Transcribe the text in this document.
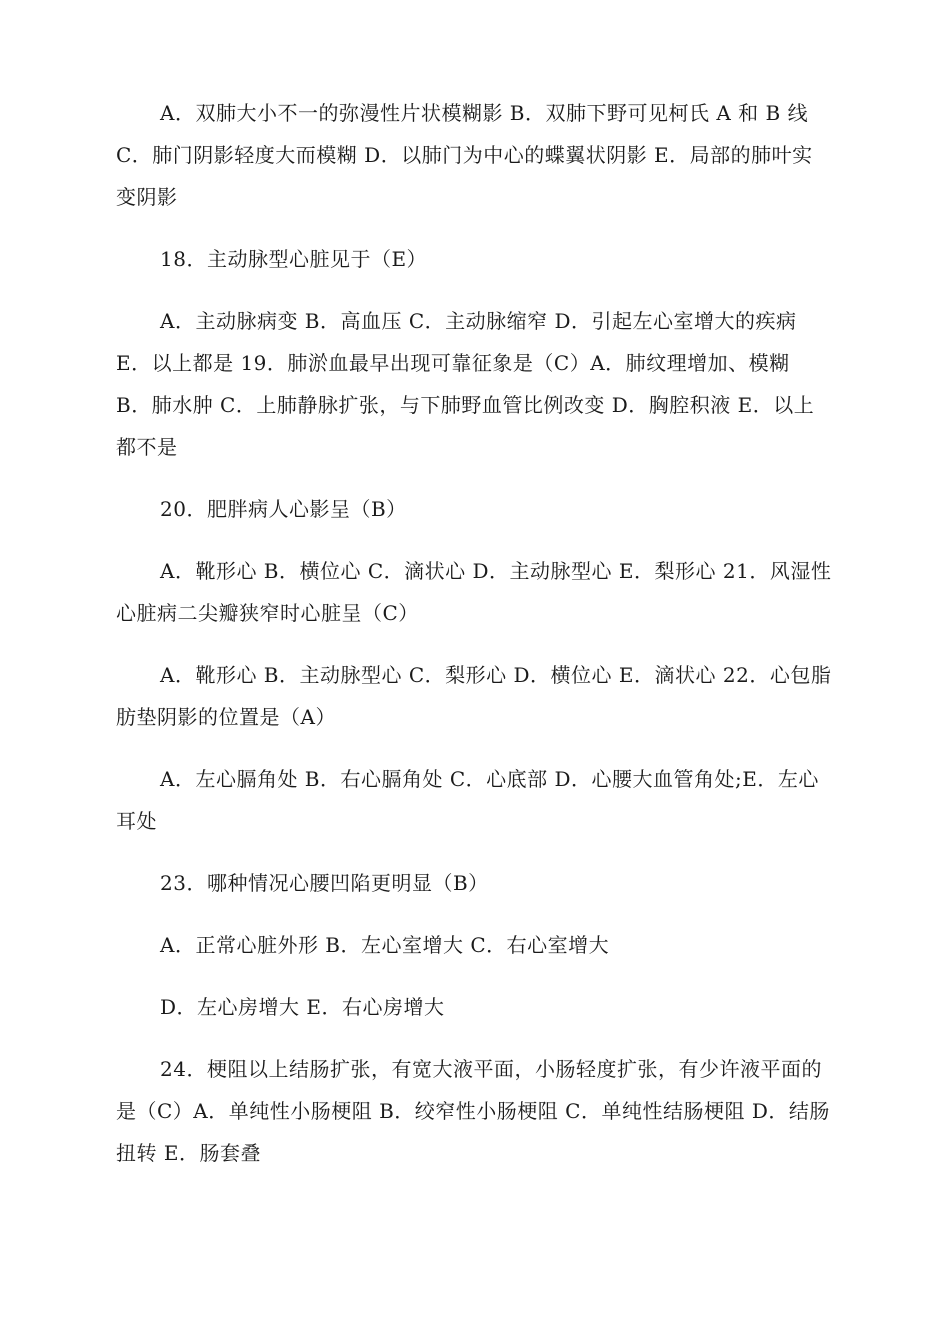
A．双肺大小不一的弥漫性片状模糊影 B．双肺下野可见柯氏 A 和 B 线 C．肺门阴影轻度大而模糊 D．以肺门为中心的蝶翼状阴影 E．局部的肺叶实变阴影

18．主动脉型心脏见于（E）

A．主动脉病变 B．高血压 C．主动脉缩窄 D．引起左心室增大的疾病 E．以上都是 19．肺淤血最早出现可靠征象是（C）A．肺纹理增加、模糊 B．肺水肿 C．上肺静脉扩张，与下肺野血管比例改变 D．胸腔积液 E．以上都不是

20．肥胖病人心影呈（B）

A．靴形心 B．横位心 C．滴状心 D．主动脉型心 E．梨形心 21．风湿性心脏病二尖瓣狭窄时心脏呈（C）

A．靴形心 B．主动脉型心 C．梨形心 D．横位心 E．滴状心 22．心包脂肪垫阴影的位置是（A）

A．左心膈角处 B．右心膈角处 C．心底部 D．心腰大血管角处;E．左心耳处

23．哪种情况心腰凹陷更明显（B）

A．正常心脏外形 B．左心室增大 C．右心室增大

D．左心房增大 E．右心房增大

24．梗阻以上结肠扩张，有宽大液平面，小肠轻度扩张，有少许液平面的是（C）A．单纯性小肠梗阻 B．绞窄性小肠梗阻 C．单纯性结肠梗阻 D．结肠扭转 E．肠套叠
